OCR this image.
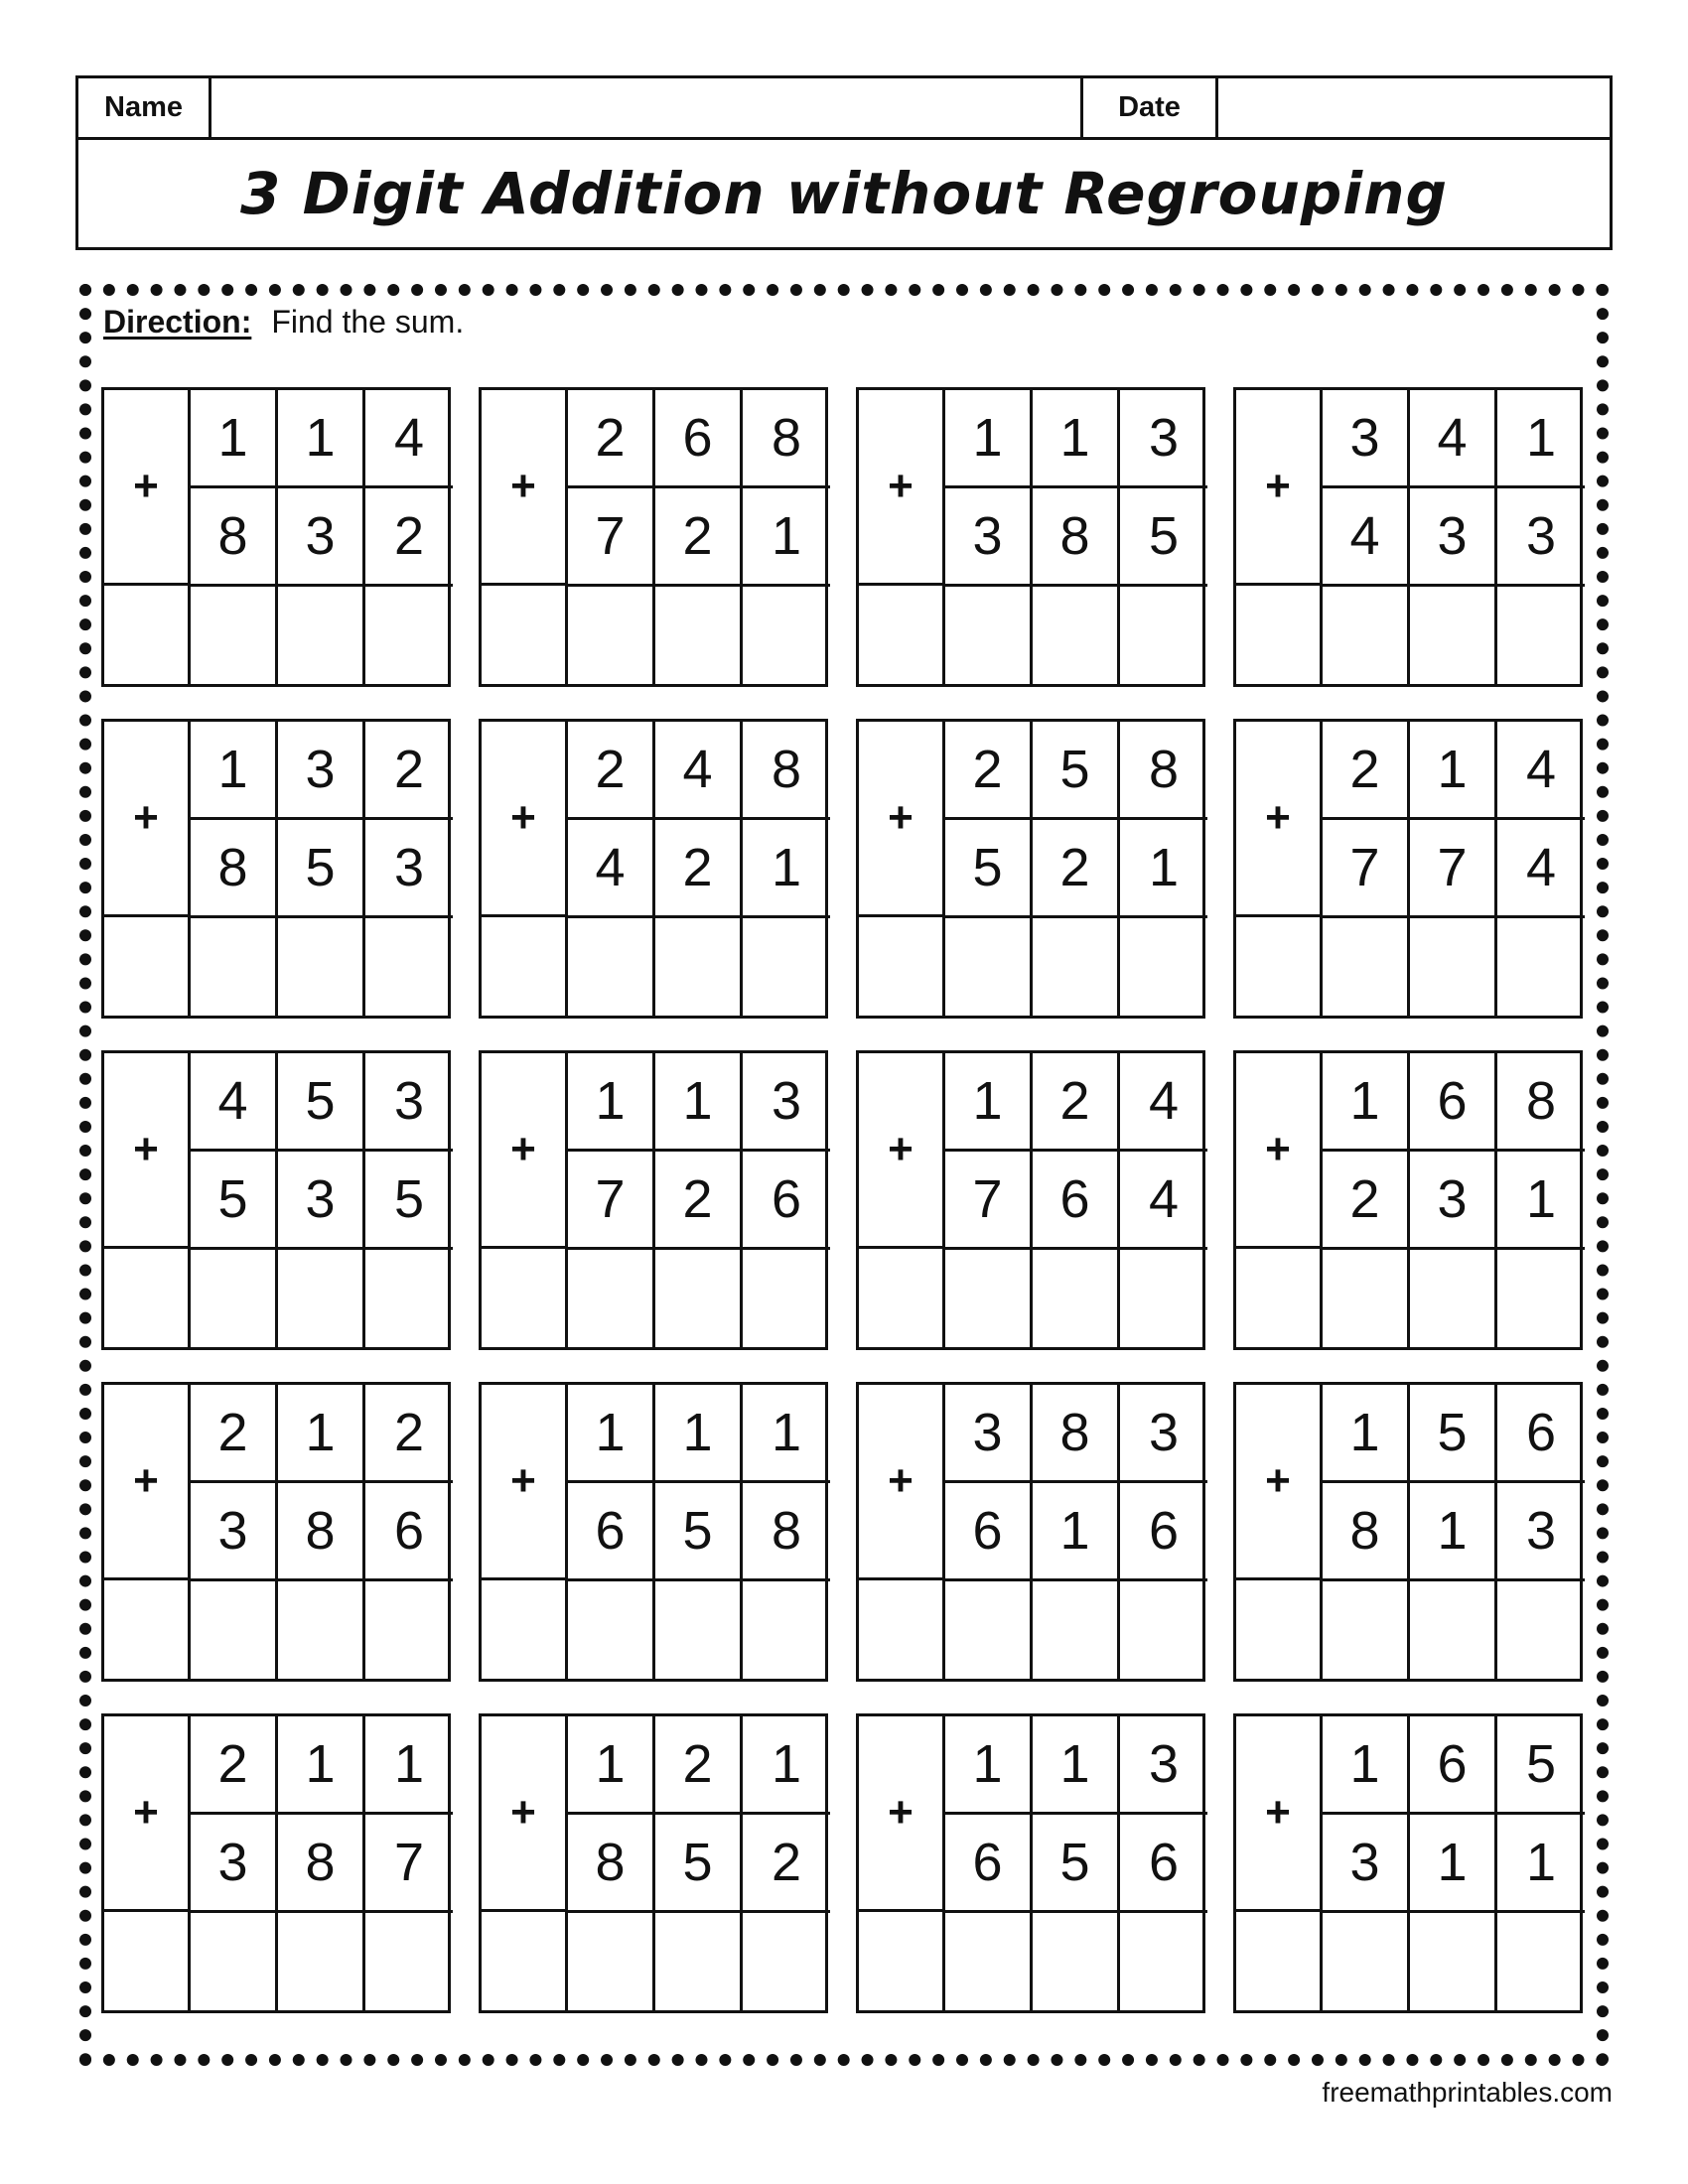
Name	Date
3 Digit Addition without Regrouping
Direction: Find the sum.
+
1	1	4
8	3	2
+
2	6	8
7	2	1
+
1	1	3
3	8	5
+
3	4	1
4	3	3
+
1	3	2
8	5	3
+
2	4	8
4	2	1
+
2	5	8
5	2	1
+
2	1	4
7	7	4
+
4	5	3
5	3	5
+
1	1	3
7	2	6
+
1	2	4
7	6	4
+
1	6	8
2	3	1
+
2	1	2
3	8	6
+
1	1	1
6	5	8
+
3	8	3
6	1	6
+
1	5	6
8	1	3
+
2	1	1
3	8	7
+
1	2	1
8	5	2
+
1	1	3
6	5	6
+
1	6	5
3	1	1
freemathprintables.com
